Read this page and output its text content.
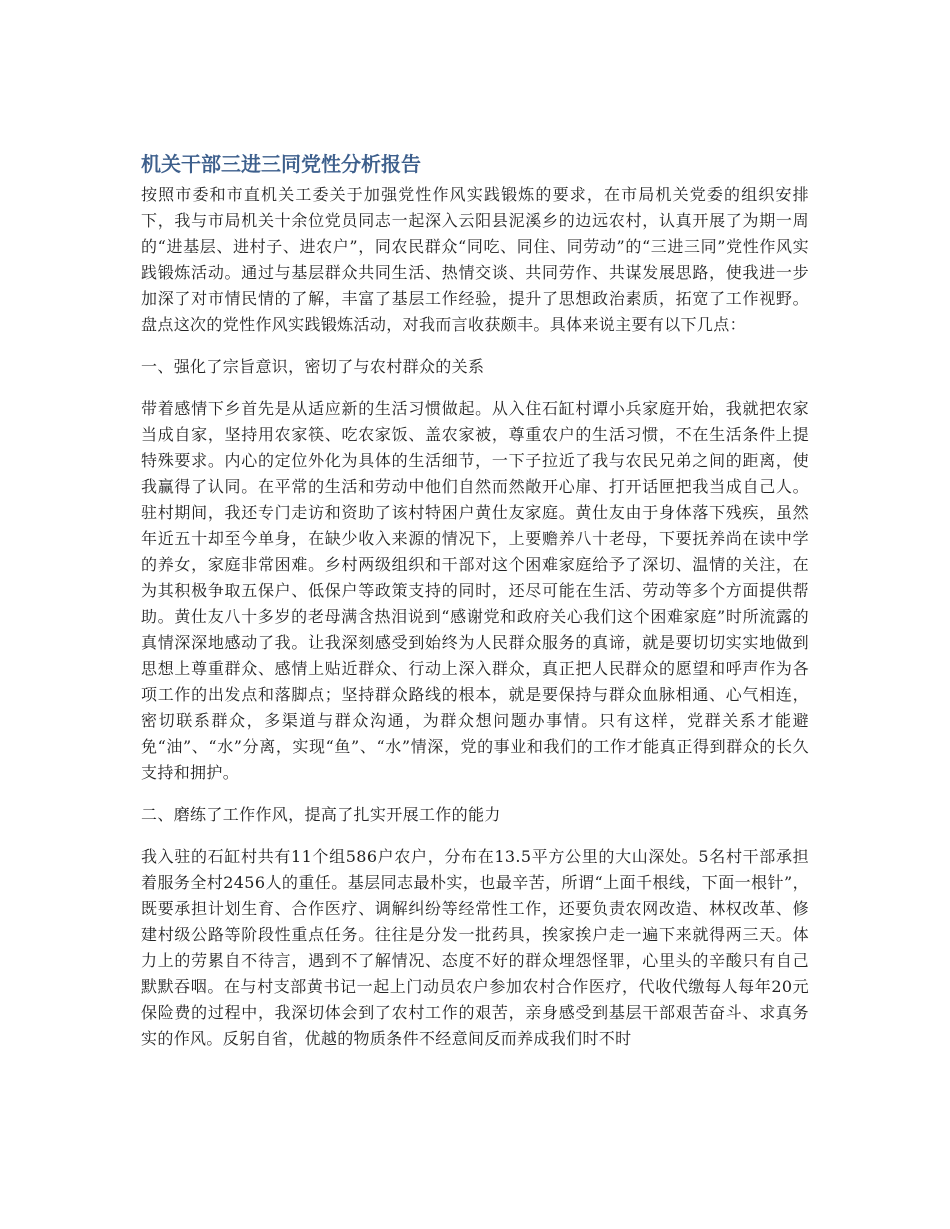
机关干部三进三同党性分析报告

按照市委和市直机关工委关于加强党性作风实践锻炼的要求，在市局机关党委的组织安排下，我与市局机关十余位党员同志一起深入云阳县泥溪乡的边远农村，认真开展了为期一周的“进基层、进村子、进农户”，同农民群众“同吃、同住、同劳动”的“三进三同”党性作风实践锻炼活动。通过与基层群众共同生活、热情交谈、共同劳作、共谋发展思路，使我进一步加深了对市情民情的了解，丰富了基层工作经验，提升了思想政治素质，拓宽了工作视野。盘点这次的党性作风实践锻炼活动，对我而言收获颇丰。具体来说主要有以下几点：

一、强化了宗旨意识，密切了与农村群众的关系

带着感情下乡首先是从适应新的生活习惯做起。从入住石缸村谭小兵家庭开始，我就把农家当成自家，坚持用农家筷、吃农家饭、盖农家被，尊重农户的生活习惯，不在生活条件上提特殊要求。内心的定位外化为具体的生活细节，一下子拉近了我与农民兄弟之间的距离，使我赢得了认同。在平常的生活和劳动中他们自然而然敞开心扉、打开话匣把我当成自己人。驻村期间，我还专门走访和资助了该村特困户黄仕友家庭。黄仕友由于身体落下残疾，虽然年近五十却至今单身，在缺少收入来源的情况下，上要赡养八十老母，下要抚养尚在读中学的养女，家庭非常困难。乡村两级组织和干部对这个困难家庭给予了深切、温情的关注，在为其积极争取五保户、低保户等政策支持的同时，还尽可能在生活、劳动等多个方面提供帮助。黄仕友八十多岁的老母满含热泪说到“感谢党和政府关心我们这个困难家庭”时所流露的真情深深地感动了我。让我深刻感受到始终为人民群众服务的真谛，就是要切切实实地做到思想上尊重群众、感情上贴近群众、行动上深入群众，真正把人民群众的愿望和呼声作为各项工作的出发点和落脚点；坚持群众路线的根本，就是要保持与群众血脉相通、心气相连，密切联系群众，多渠道与群众沟通，为群众想问题办事情。只有这样，党群关系才能避免“油”、“水”分离，实现“鱼”、“水”情深，党的事业和我们的工作才能真正得到群众的长久支持和拥护。

二、磨练了工作作风，提高了扎实开展工作的能力

我入驻的石缸村共有11个组586户农户，分布在13.5平方公里的大山深处。5名村干部承担着服务全村2456人的重任。基层同志最朴实，也最辛苦，所谓“上面千根线，下面一根针”，既要承担计划生育、合作医疗、调解纠纷等经常性工作，还要负责农网改造、林权改革、修建村级公路等阶段性重点任务。往往是分发一批药具，挨家挨户走一遍下来就得两三天。体力上的劳累自不待言，遇到不了解情况、态度不好的群众埋怨怪罪，心里头的辛酸只有自己默默吞咽。在与村支部黄书记一起上门动员农户参加农村合作医疗，代收代缴每人每年20元保险费的过程中，我深切体会到了农村工作的艰苦，亲身感受到基层干部艰苦奋斗、求真务实的作风。反躬自省，优越的物质条件不经意间反而养成我们时不时
